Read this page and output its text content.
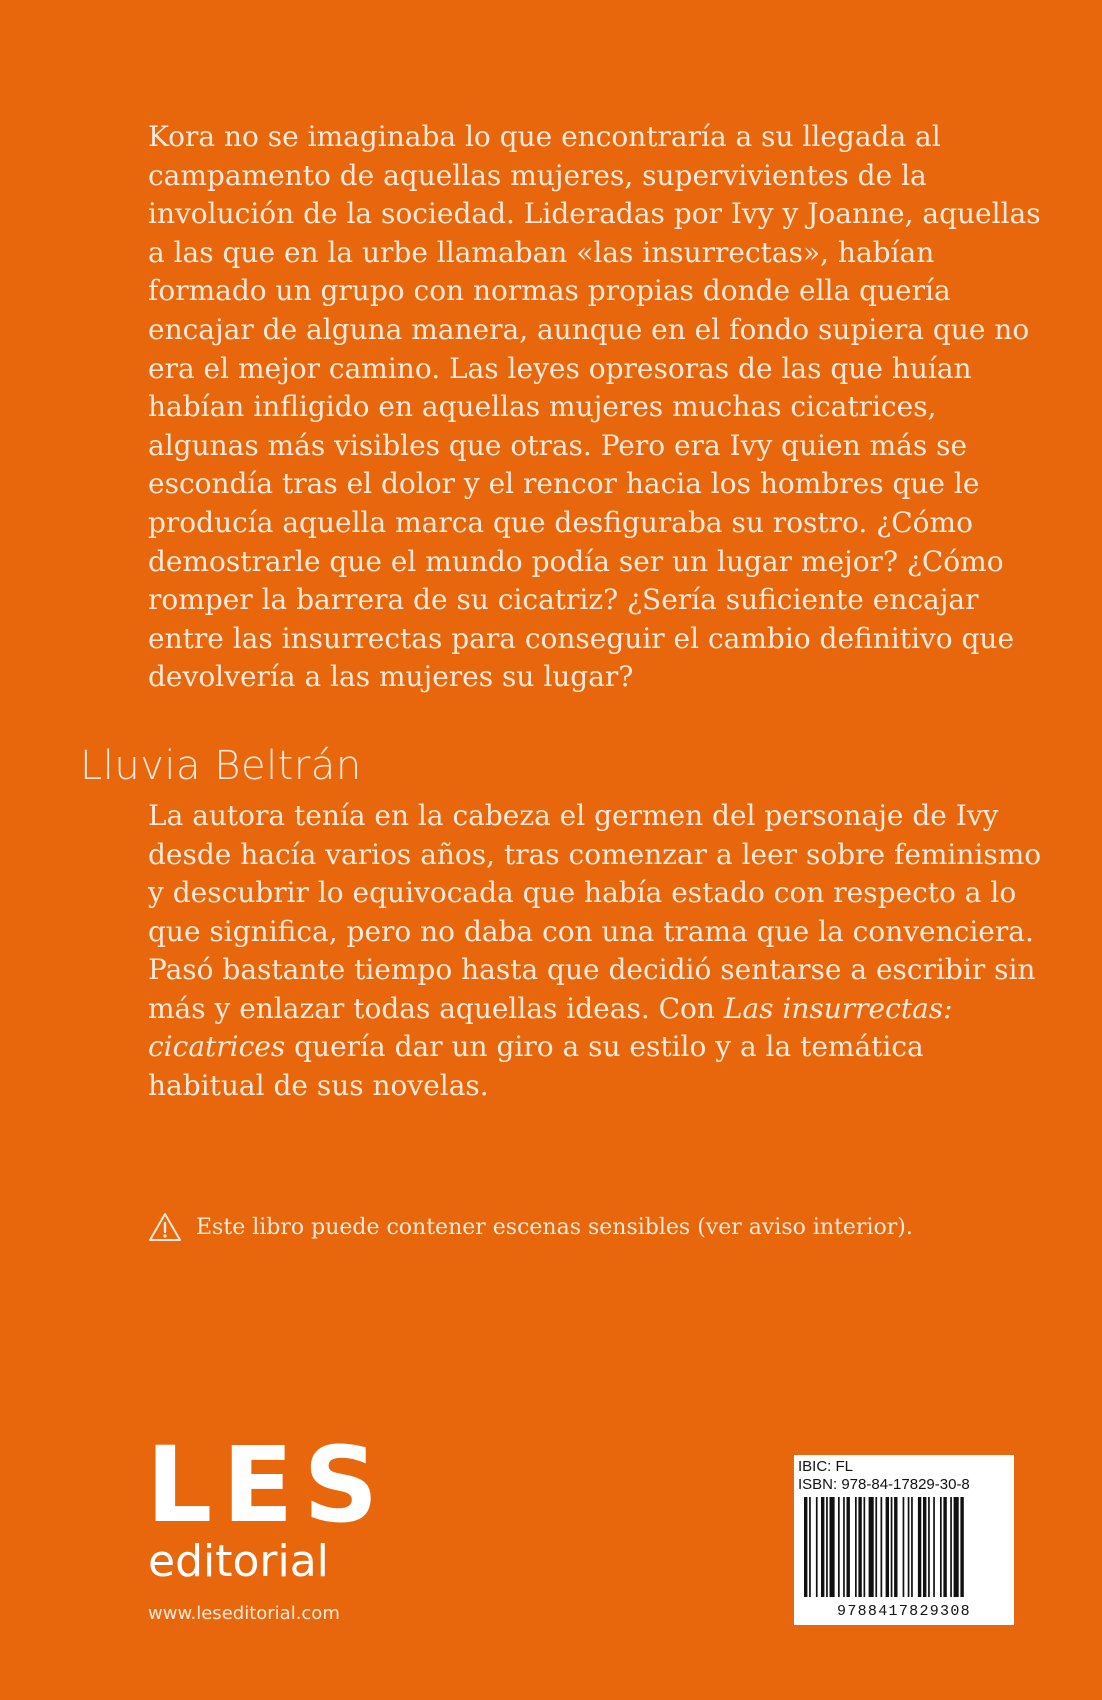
Kora no se imaginaba lo que encontraría a su llegada al campamento de aquellas mujeres, supervivientes de la involución de la sociedad. Lideradas por Ivy y Joanne, aquellas a las que en la urbe llamaban «las insurrectas», habían formado un grupo con normas propias donde ella quería encajar de alguna manera, aunque en el fondo supiera que no era el mejor camino. Las leyes opresoras de las que huían habían infligido en aquellas mujeres muchas cicatrices, algunas más visibles que otras. Pero era Ivy quien más se escondía tras el dolor y el rencor hacia los hombres que le producía aquella marca que desfiguraba su rostro. ¿Cómo demostrarle que el mundo podía ser un lugar mejor? ¿Cómo romper la barrera de su cicatriz? ¿Sería suficiente encajar entre las insurrectas para conseguir el cambio definitivo que devolvería a las mujeres su lugar?

Lluvia Beltrán

La autora tenía en la cabeza el germen del personaje de Ivy desde hacía varios años, tras comenzar a leer sobre feminismo y descubrir lo equivocada que había estado con respecto a lo que significa, pero no daba con una trama que la convenciera. Pasó bastante tiempo hasta que decidió sentarse a escribir sin más y enlazar todas aquellas ideas. Con Las insurrectas: cicatrices quería dar un giro a su estilo y a la temática habitual de sus novelas.

Este libro puede contener escenas sensibles (ver aviso interior).
LES
editorial
www.leseditorial.com
IBIC: FL
ISBN: 978-84-17829-30-8
9788417829308
